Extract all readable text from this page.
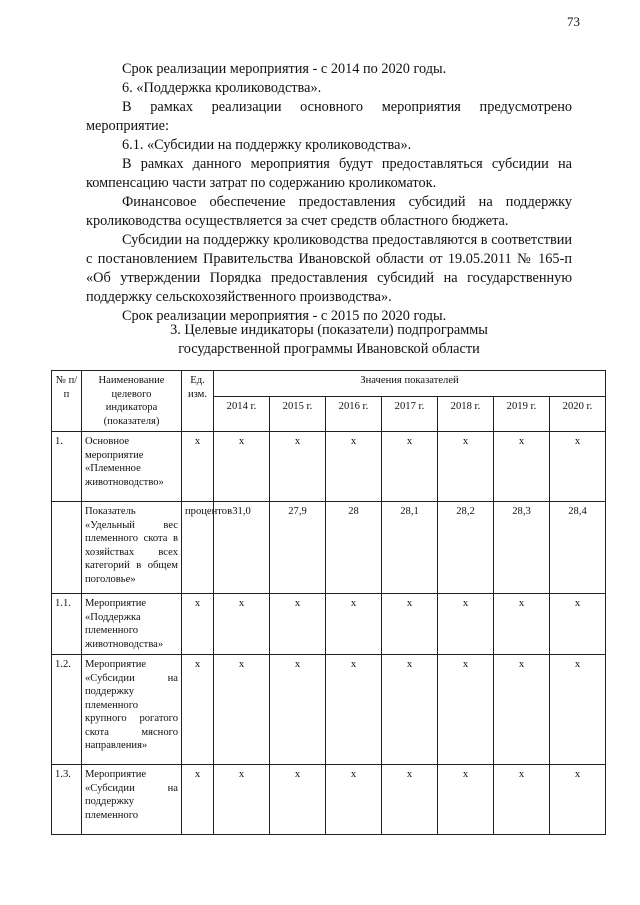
73

Срок реализации мероприятия - с 2014 по 2020 годы.

6. «Поддержка кролиководства».

В рамках реализации основного мероприятия предусмотрено мероприятие:

6.1. «Субсидии на поддержку кролиководства».

В рамках данного мероприятия будут предоставляться субсидии на компенсацию части затрат по содержанию кроликоматок.

Финансовое обеспечение предоставления субсидий на поддержку кролиководства осуществляется за счет средств областного бюджета.

Субсидии на поддержку кролиководства предоставляются в соответствии с постановлением Правительства Ивановской области от 19.05.2011 № 165-п «Об утверждении Порядка предоставления субсидий на государственную поддержку сельскохозяйственного производства».

Срок реализации мероприятия - с 2015 по 2020 годы.

3. Целевые индикаторы (показатели) подпрограммы
государственной программы Ивановской области
№ п/п	Наименование целевого индикатора (показателя)	Ед. изм.	Значения показателей						
			2014 г.	2015 г.	2016 г.	2017 г.	2018 г.	2019 г.	2020 г.
1.	Основное мероприятие «Племенное животноводство»	х	х	х	х	х	х	х	х
	Показатель «Удельный вес племенного скота в хозяйствах всех категорий в общем поголовье»	процентов	31,0	27,9	28	28,1	28,2	28,3	28,4
1.1.	Мероприятие «Поддержка племенного животноводства»	х	х	х	х	х	х	х	х
1.2.	Мероприятие «Субсидии на поддержку племенного крупного рогатого скота мясного направления»	х	х	х	х	х	х	х	х
1.3.	Мероприятие «Субсидии на поддержку племенного	х	х	х	х	х	х	х	х
